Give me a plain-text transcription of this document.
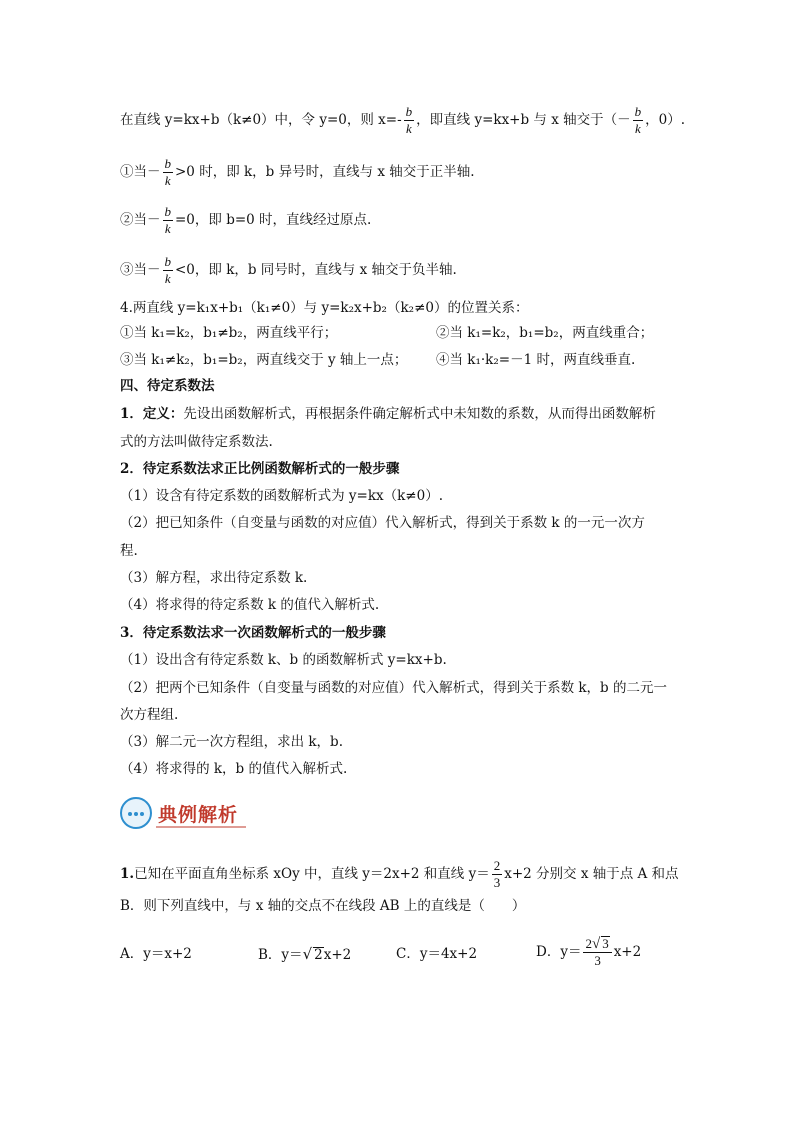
在直线 y=kx+b（k≠0）中，令 y=0，则 $x=- \frac{b}{k}$ ，即直线 y=kx+b 与 x 轴交于（－ $\frac{b}{k}$ ，0）.
①当－ $\frac{b}{k} >0$ 时，即 k，b 异号时，直线与 x 轴交于正半轴.
②当－ $\frac{b}{k} =0$，即 b=0 时，直线经过原点.
③当－ $\frac{b}{k} <0$，即 k，b 同号时，直线与 x 轴交于负半轴.
4.两直线 y=k₁x+b₁（k₁≠0）与 y=k₂x+b₂（k₂≠0）的位置关系：
①当 k₁=k₂，b₁≠b₂，两直线平行；	②当 k₁=k₂，b₁=b₂，两直线重合；
③当 k₁≠k₂，b₁=b₂，两直线交于 y 轴上一点； ④当 k₁·k₂=－1 时，两直线垂直.
四、待定系数法
1．定义：先设出函数解析式，再根据条件确定解析式中未知数的系数，从而得出函数解析
式的方法叫做待定系数法.
2．待定系数法求正比例函数解析式的一般步骤
（1）设含有待定系数的函数解析式为 y=kx（k≠0）.
（2）把已知条件（自变量与函数的对应值）代入解析式，得到关于系数 k 的一元一次方
程.
（3）解方程，求出待定系数 k.
（4）将求得的待定系数 k 的值代入解析式.
3．待定系数法求一次函数解析式的一般步骤
（1）设出含有待定系数 k、b 的函数解析式 y=kx+b.
（2）把两个已知条件（自变量与函数的对应值）代入解析式，得到关于系数 k，b 的二元一
次方程组.
（3）解二元一次方程组，求出 k，b.
（4）将求得的 k，b 的值代入解析式.
典例解析
1.已知在平面直角坐标系 xOy 中，直线 y＝2x+2 和直线 $y= \frac{2}{3} x+2$ 分别交 x 轴于点 A 和点
B．则下列直线中，与 x 轴的交点不在线段 AB 上的直线是（　　）
A．y＝x+2	B．y＝√ 2x+2	C．y＝4x+2	D．$y= \frac{2√ 3}{3} x+2$
